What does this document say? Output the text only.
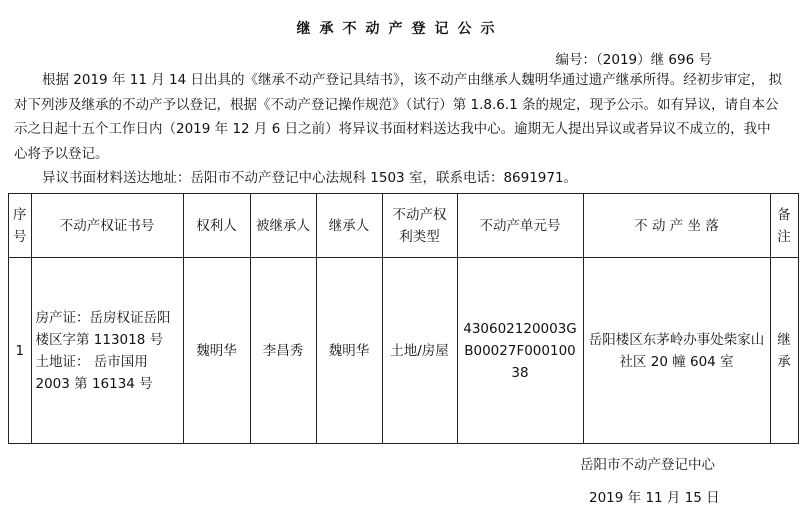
继承不动产登记公示
编号：（2019）继 696 号
根据 2019 年 11 月 14 日出具的《继承不动产登记具结书》，该不动产由继承人魏明华通过遗产继承所得。经初步审定， 拟对下列涉及继承的不动产予以登记，根据《不动产登记操作规范》（试行）第 1.8.6.1 条的规定，现予公示。如有异议，请自本公示之日起十五个工作日内（2019 年 12 月 6 日之前）将异议书面材料送达我中心。逾期无人提出异议或者异议不成立的，我中心将予以登记。
异议书面材料送达地址：岳阳市不动产登记中心法规科 1503 室，联系电话：8691971。
序号	不动产权证书号	权利人	被继承人	继承人	不动产权利类型	不动产单元号	不 动 产 坐 落	备注
1	房产证：岳房权证岳阳楼区字第 113018 号
土地证： 岳市国用 2003 第 16134 号	魏明华	李昌秀	魏明华	土地/房屋	430602120003GB00027F00010038	岳阳楼区东茅岭办事处柴家山社区 20 幢 604 室	继承
岳阳市不动产登记中心
2019 年 11 月 15 日
